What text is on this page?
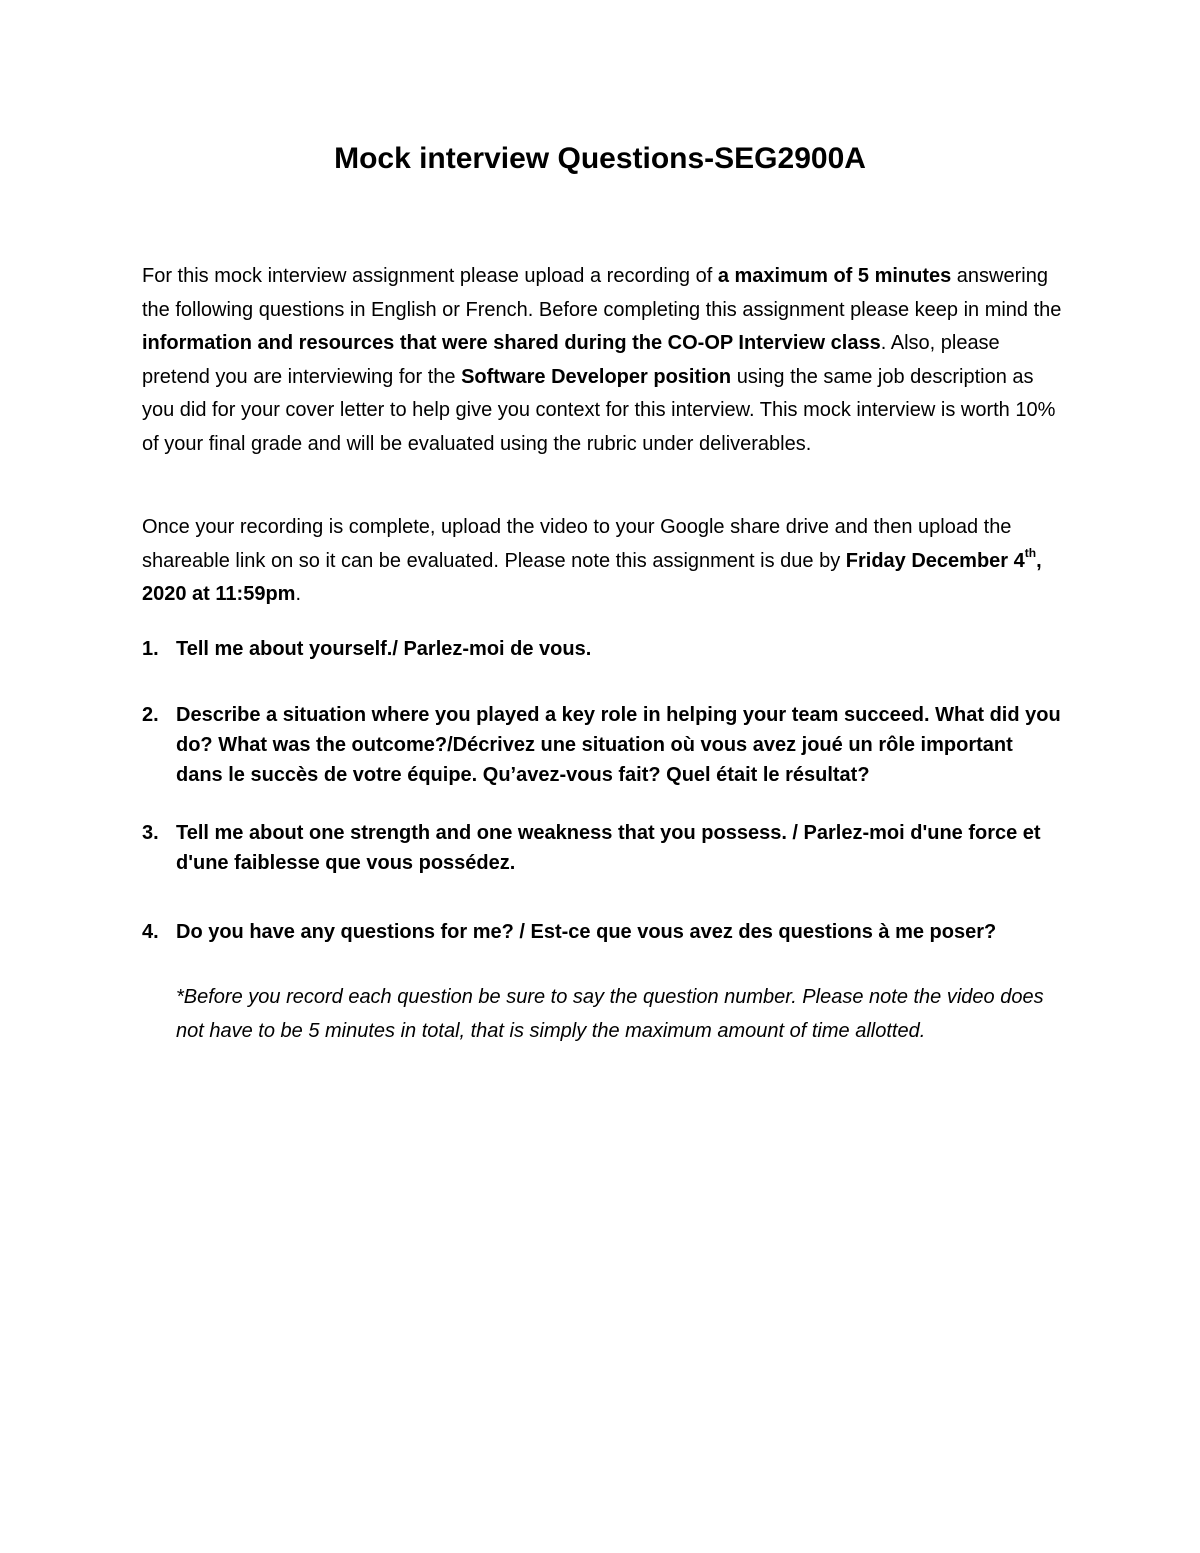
Mock interview Questions-SEG2900A

For this mock interview assignment please upload a recording of a maximum of 5 minutes answering the following questions in English or French. Before completing this assignment please keep in mind the information and resources that were shared during the CO-OP Interview class. Also, please pretend you are interviewing for the Software Developer position using the same job description as you did for your cover letter to help give you context for this interview. This mock interview is worth 10% of your final grade and will be evaluated using the rubric under deliverables.

Once your recording is complete, upload the video to your Google share drive and then upload the shareable link on so it can be evaluated. Please note this assignment is due by Friday December 4th, 2020 at 11:59pm.

1. Tell me about yourself./ Parlez-moi de vous.
2. Describe a situation where you played a key role in helping your team succeed. What did you do? What was the outcome?/Décrivez une situation où vous avez joué un rôle important dans le succès de votre équipe. Qu’avez-vous fait? Quel était le résultat?
3. Tell me about one strength and one weakness that you possess. / Parlez-moi d'une force et d'une faiblesse que vous possédez.
4. Do you have any questions for me? / Est-ce que vous avez des questions à me poser?
*Before you record each question be sure to say the question number. Please note the video does not have to be 5 minutes in total, that is simply the maximum amount of time allotted.
